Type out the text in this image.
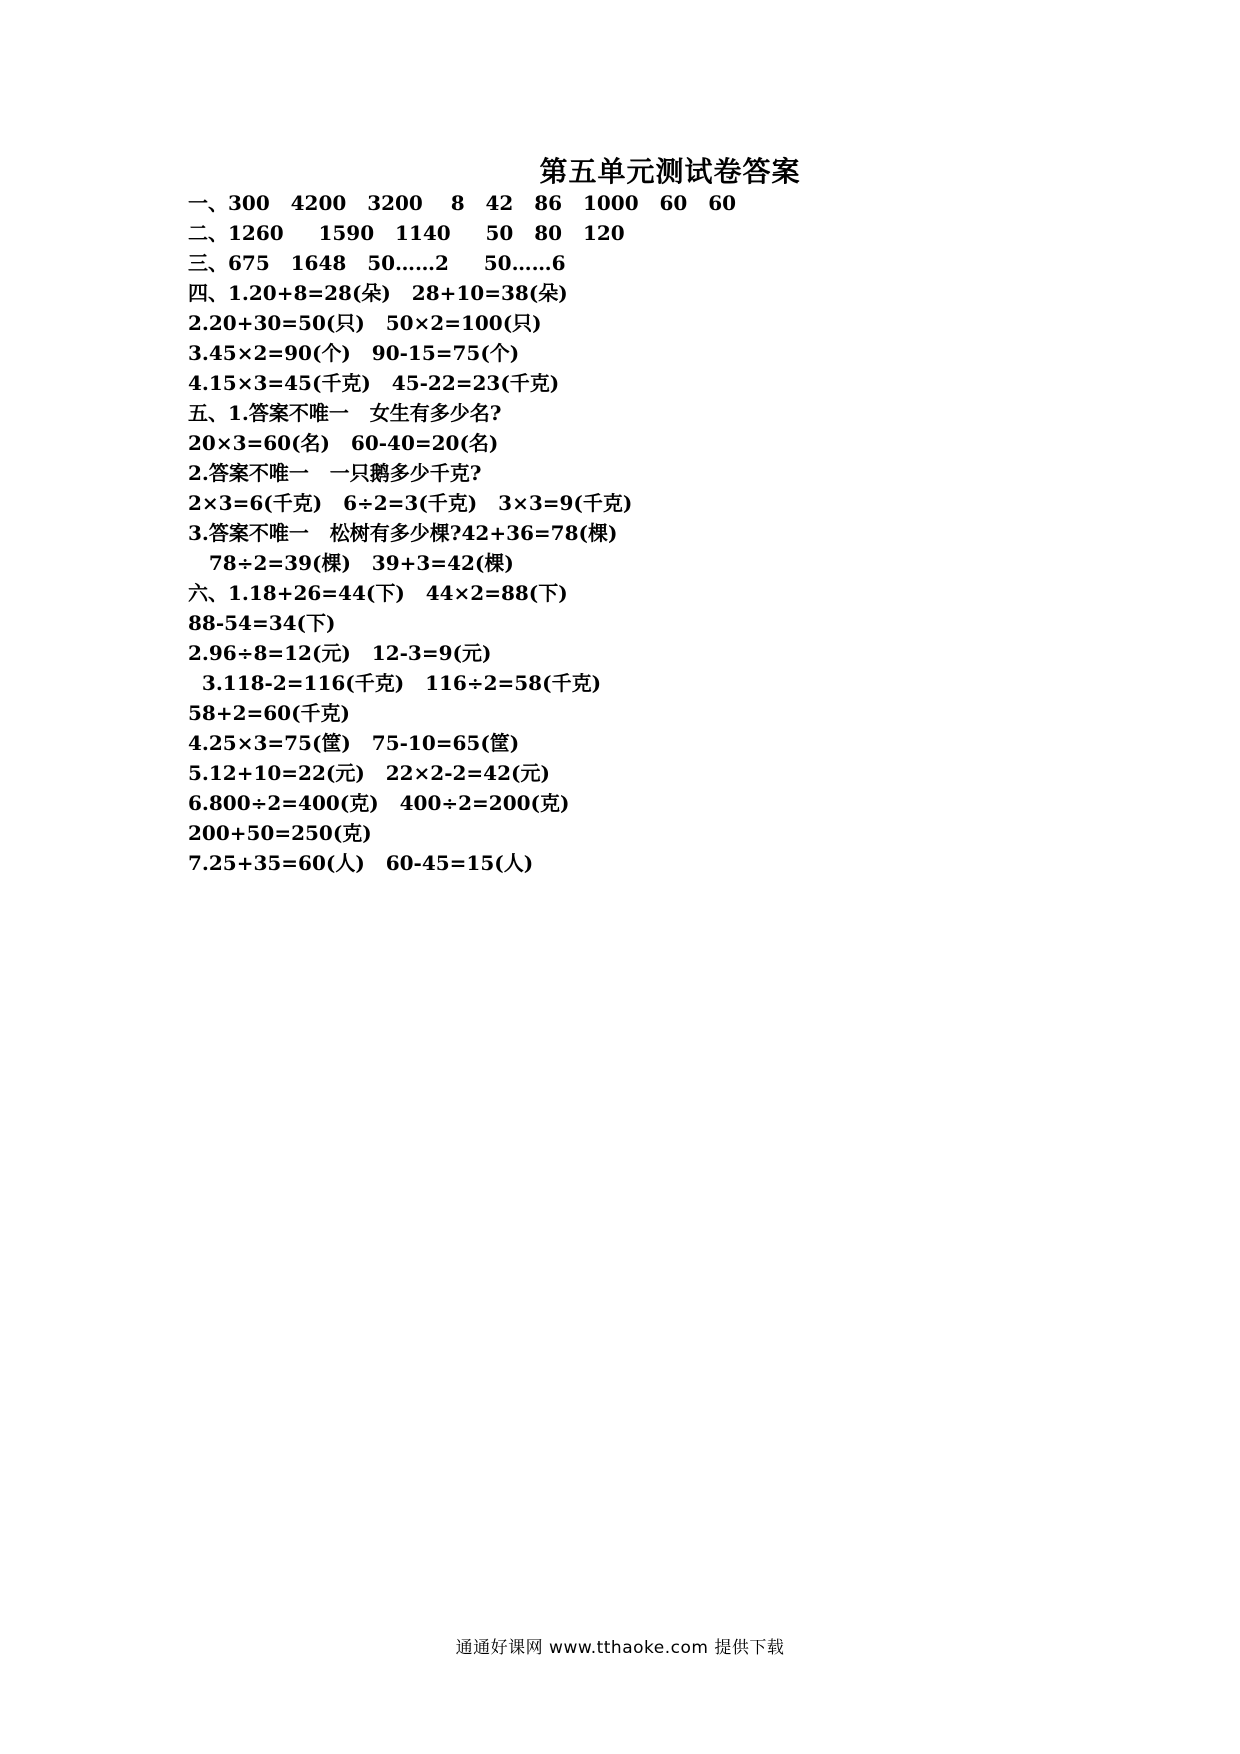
第五单元测试卷答案
一、300   4200   3200    8   42   86   1000   60   60
二、1260     1590   1140     50   80   120
三、675   1648   50……2     50……6
四、1.20+8=28(朵)   28+10=38(朵)
2.20+30=50(只)   50×2=100(只)
3.45×2=90(个)   90-15=75(个)
4.15×3=45(千克)   45-22=23(千克)
五、1.答案不唯一   女生有多少名?
20×3=60(名)   60-40=20(名)
2.答案不唯一   一只鹅多少千克?
2×3=6(千克)   6÷2=3(千克)   3×3=9(千克)
3.答案不唯一   松树有多少棵?42+36=78(棵)
78÷2=39(棵)   39+3=42(棵)
六、1.18+26=44(下)   44×2=88(下)
88-54=34(下)
2.96÷8=12(元)   12-3=9(元)
3.118-2=116(千克)   116÷2=58(千克)
58+2=60(千克)
4.25×3=75(筐)   75-10=65(筐)
5.12+10=22(元)   22×2-2=42(元)
6.800÷2=400(克)   400÷2=200(克)
200+50=250(克)
7.25+35=60(人)   60-45=15(人)
通通好课网 www.tthaoke.com 提供下载
